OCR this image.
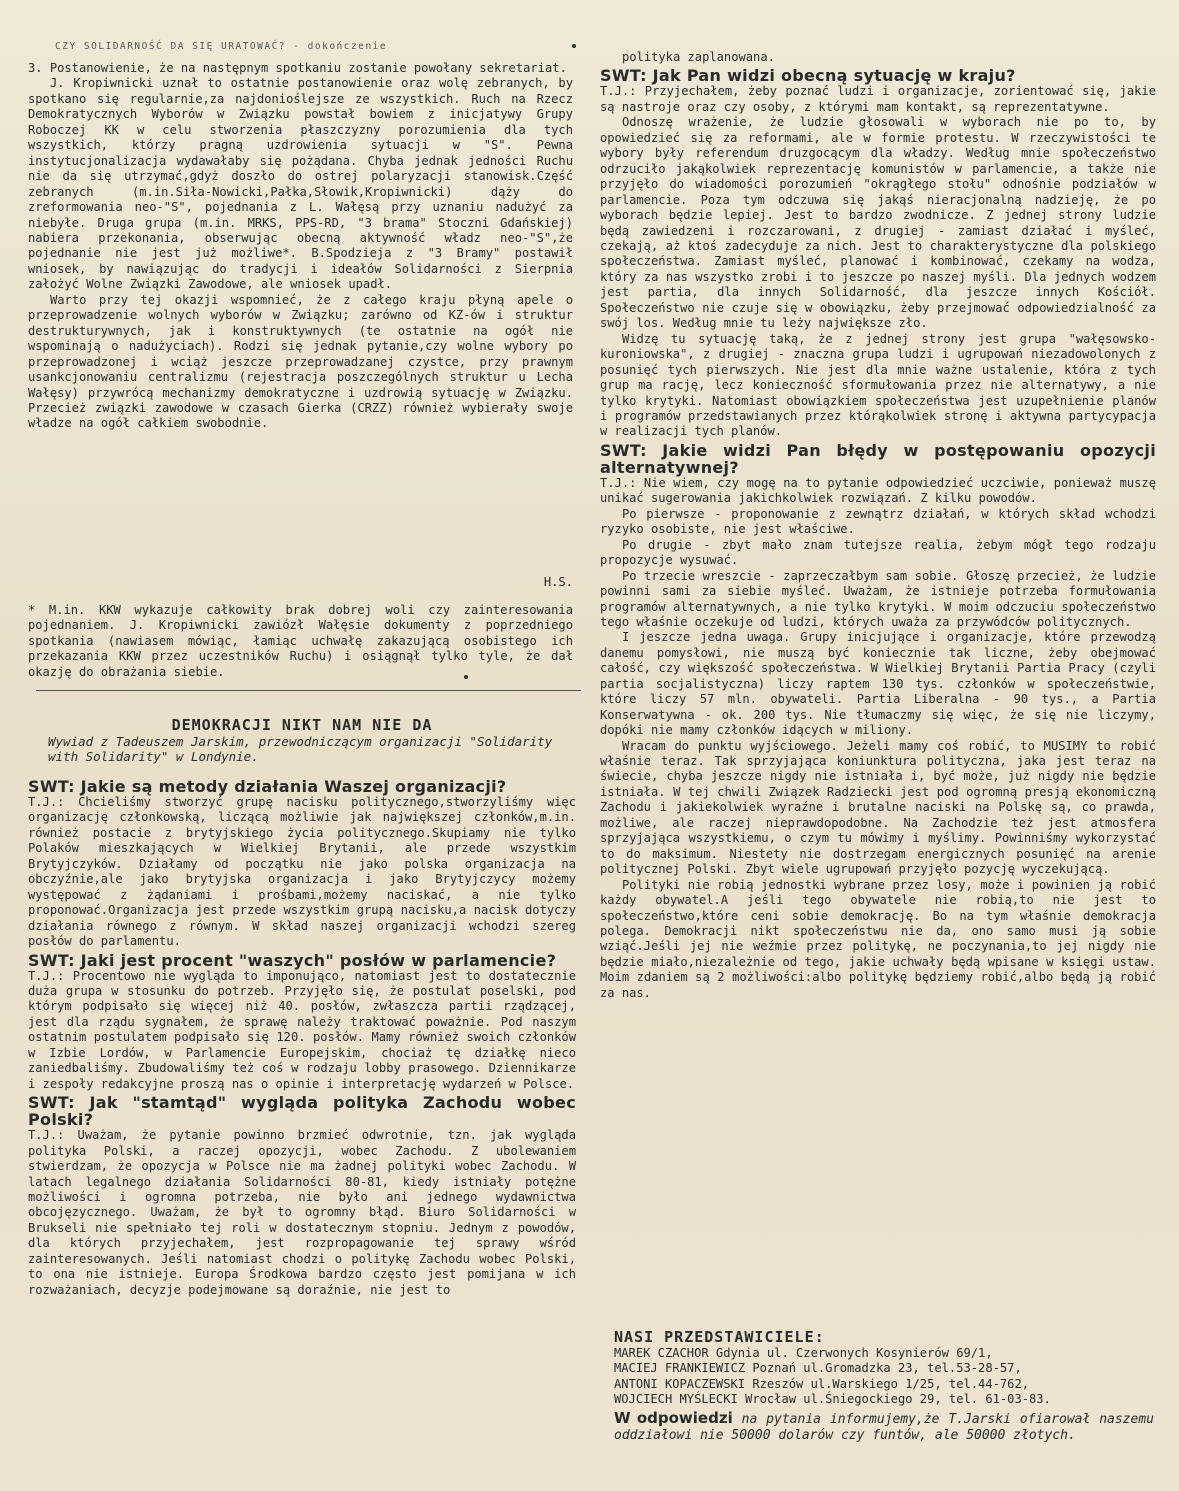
CZY SOLIDARNOŚĆ DA SIĘ URATOWAĆ? - dokończenie

3. Postanowienie, że na następnym spotkaniu zostanie powołany sekretariat.

J. Kropiwnicki uznał to ostatnie postanowienie oraz wolę zebranych, by spotkano się regularnie,za najdonioślejsze ze wszystkich. Ruch na Rzecz Demokratycznych Wyborów w Związku powstał bowiem z inicjatywy Grupy Roboczej KK w celu stworzenia płaszczyzny porozumienia dla tych wszystkich, którzy pragną uzdrowienia sytuacji w "S". Pewna instytucjonalizacja wydawałaby się pożądana. Chyba jednak jedności Ruchu nie da się utrzymać,gdyż doszło do ostrej polaryzacji stanowisk.Część zebranych (m.in.Siła-Nowicki,Pałka,Słowik,Kropiwnicki) dąży do zreformowania neo-"S", pojednania z L. Wałęsą przy uznaniu nadużyć za niebyłe. Druga grupa (m.in. MRKS, PPS-RD, "3 brama" Stoczni Gdańskiej) nabiera przekonania, obserwując obecną aktywność władz neo-"S",że pojednanie nie jest już możliwe*. B.Spodzieja z "3 Bramy" postawił wniosek, by nawiązując do tradycji i ideałów Solidarności z Sierpnia założyć Wolne Związki Zawodowe, ale wniosek upadł.

Warto przy tej okazji wspomnieć, że z całego kraju płyną apele o przeprowadzenie wolnych wyborów w Związku; zarówno od KZ-ów i struktur destrukturywnych, jak i konstruktywnych (te ostatnie na ogół nie wspominają o nadużyciach). Rodzi się jednak pytanie,czy wolne wybory po przeprowadzonej i wciąż jeszcze przeprowadzanej czystce, przy prawnym usankcjonowaniu centralizmu (rejestracja poszczególnych struktur u Lecha Wałęsy) przywrócą mechanizmy demokratyczne i uzdrowią sytuację w Związku. Przecież związki zawodowe w czasach Gierka (CRZZ) również wybierały swoje władze na ogół całkiem swobodnie.

H.S.

* M.in. KKW wykazuje całkowity brak dobrej woli czy zainteresowania pojednaniem. J. Kropiwnicki zawiózł Wałęsie dokumenty z poprzedniego spotkania (nawiasem mówiąc, łamiąc uchwałę zakazującą osobistego ich przekazania KKW przez uczestników Ruchu) i osiągnął tylko tyle, że dał okazję do obrażania siebie.

DEMOKRACJI NIKT NAM NIE DA

Wywiad z Tadeuszem Jarskim, przewodniczącym organizacji "Solidarity with Solidarity" w Londynie.

SWT: Jakie są metody działania Waszej organizacji?

T.J.: Chcieliśmy stworzyć grupę nacisku politycznego,stworzyliśmy więc organizację członkowską, liczącą możliwie jak największej członków,m.in. również postacie z brytyjskiego życia politycznego.Skupiamy nie tylko Polaków mieszkających w Wielkiej Brytanii, ale przede wszystkim Brytyjczyków. Działamy od początku nie jako polska organizacja na obczyźnie,ale jako brytyjska organizacja i jako Brytyjczycy możemy występować z żądaniami i prośbami,możemy naciskać, a nie tylko proponować.Organizacja jest przede wszystkim grupą nacisku,a nacisk dotyczy działania równego z równym. W skład naszej organizacji wchodzi szereg posłów do parlamentu.

SWT: Jaki jest procent "waszych" posłów w parlamencie?

T.J.: Procentowo nie wygląda to imponująco, natomiast jest to dostatecznie duża grupa w stosunku do potrzeb. Przyjęło się, że postulat poselski, pod którym podpisało się więcej niż 40. posłów, zwłaszcza partii rządzącej, jest dla rządu sygnałem, że sprawę należy traktować poważnie. Pod naszym ostatnim postulatem podpisało się 120. posłów. Mamy również swoich członków w Izbie Lordów, w Parlamencie Europejskim, chociaż tę działkę nieco zaniedbaliśmy. Zbudowaliśmy też coś w rodzaju lobby prasowego. Dziennikarze i zespoły redakcyjne proszą nas o opinie i interpretację wydarzeń w Polsce.

SWT: Jak "stamtąd" wygląda polityka Zachodu wobec Polski?

T.J.: Uważam, że pytanie powinno brzmieć odwrotnie, tzn. jak wygląda polityka Polski, a raczej opozycji, wobec Zachodu. Z ubolewaniem stwierdzam, że opozycja w Polsce nie ma żadnej polityki wobec Zachodu. W latach legalnego działania Solidarności 80-81, kiedy istniały potężne możliwości i ogromna potrzeba, nie było ani jednego wydawnictwa obcojęzycznego. Uważam, że był to ogromny błąd. Biuro Solidarności w Brukseli nie spełniało tej roli w dostatecznym stopniu. Jednym z powodów, dla których przyjechałem, jest rozpropagowanie tej sprawy wśród zainteresowanych. Jeśli natomiast chodzi o politykę Zachodu wobec Polski, to ona nie istnieje. Europa Środkowa bardzo często jest pomijana w ich rozważaniach, decyzje podejmowane są doraźnie, nie jest to

polityka zaplanowana.

SWT: Jak Pan widzi obecną sytuację w kraju?

T.J.: Przyjechałem, żeby poznać ludzi i organizacje, zorientować się, jakie są nastroje oraz czy osoby, z którymi mam kontakt, są reprezentatywne.

Odnoszę wrażenie, że ludzie głosowali w wyborach nie po to, by opowiedzieć się za reformami, ale w formie protestu. W rzeczywistości te wybory były referendum druzgocącym dla władzy. Według mnie społeczeństwo odrzuciło jakąkolwiek reprezentację komunistów w parlamencie, a także nie przyjęło do wiadomości porozumień "okrągłego stołu" odnośnie podziałów w parlamencie. Poza tym odczuwa się jakąś nieracjonalną nadzieję, że po wyborach będzie lepiej. Jest to bardzo zwodnicze. Z jednej strony ludzie będą zawiedzeni i rozczarowani, z drugiej - zamiast działać i myśleć, czekają, aż ktoś zadecyduje za nich. Jest to charakterystyczne dla polskiego społeczeństwa. Zamiast myśleć, planować i kombinować, czekamy na wodza, który za nas wszystko zrobi i to jeszcze po naszej myśli. Dla jednych wodzem jest partia, dla innych Solidarność, dla jeszcze innych Kościół. Społeczeństwo nie czuje się w obowiązku, żeby przejmować odpowiedzialność za swój los. Według mnie tu leży największe zło.

Widzę tu sytuację taką, że z jednej strony jest grupa "wałęsowsko-kuroniowska", z drugiej - znaczna grupa ludzi i ugrupowań niezadowolonych z posunięć tych pierwszych. Nie jest dla mnie ważne ustalenie, która z tych grup ma rację, lecz konieczność sformułowania przez nie alternatywy, a nie tylko krytyki. Natomiast obowiązkiem społeczeństwa jest uzupełnienie planów i programów przedstawianych przez którąkolwiek stronę i aktywna partycypacja w realizacji tych planów.

SWT: Jakie widzi Pan błędy w postępowaniu opozycji alternatywnej?

T.J.: Nie wiem, czy mogę na to pytanie odpowiedzieć uczciwie, ponieważ muszę unikać sugerowania jakichkolwiek rozwiązań. Z kilku powodów.

Po pierwsze - proponowanie z zewnątrz działań, w których skład wchodzi ryzyko osobiste, nie jest właściwe.

Po drugie - zbyt mało znam tutejsze realia, żebym mógł tego rodzaju propozycje wysuwać.

Po trzecie wreszcie - zaprzeczałbym sam sobie. Głoszę przecież, że ludzie powinni sami za siebie myśleć. Uważam, że istnieje potrzeba formułowania programów alternatywnych, a nie tylko krytyki. W moim odczuciu społeczeństwo tego właśnie oczekuje od ludzi, których uważa za przywódców politycznych.

I jeszcze jedna uwaga. Grupy inicjujące i organizacje, które przewodzą danemu pomysłowi, nie muszą być koniecznie tak liczne, żeby obejmować całość, czy większość społeczeństwa. W Wielkiej Brytanii Partia Pracy (czyli partia socjalistyczna) liczy raptem 130 tys. członków w społeczeństwie, które liczy 57 mln. obywateli. Partia Liberalna - 90 tys., a Partia Konserwatywna - ok. 200 tys. Nie tłumaczmy się więc, że się nie liczymy, dopóki nie mamy członków idących w miliony.

Wracam do punktu wyjściowego. Jeżeli mamy coś robić, to MUSIMY to robić właśnie teraz. Tak sprzyjająca koniunktura polityczna, jaka jest teraz na świecie, chyba jeszcze nigdy nie istniała i, być może, już nigdy nie będzie istniała. W tej chwili Związek Radziecki jest pod ogromną presją ekonomiczną Zachodu i jakiekolwiek wyraźne i brutalne naciski na Polskę są, co prawda, możliwe, ale raczej nieprawdopodobne. Na Zachodzie też jest atmosfera sprzyjająca wszystkiemu, o czym tu mówimy i myślimy. Powinniśmy wykorzystać to do maksimum. Niestety nie dostrzegam energicznych posunięć na arenie politycznej Polski. Zbyt wiele ugrupowań przyjęło pozycję wyczekującą.

Polityki nie robią jednostki wybrane przez losy, może i powinien ją robić każdy obywatel.A jeśli tego obywatele nie robią,to nie jest to społeczeństwo,które ceni sobie demokrację. Bo na tym właśnie demokracja polega. Demokracji nikt społeczeństwu nie da, ono samo musi ją sobie wziąć.Jeśli jej nie weźmie przez politykę, ne poczynania,to jej nigdy nie będzie miało,niezależnie od tego, jakie uchwały będą wpisane w księgi ustaw. Moim zdaniem są 2 możliwości:albo politykę będziemy robić,albo będą ją robić za nas.

NASI PRZEDSTAWICIELE:

MAREK CZACHOR Gdynia ul. Czerwonych Kosynierów 69/1,

MACIEJ FRANKIEWICZ Poznań ul.Gromadzka 23, tel.53-28-57,

ANTONI KOPACZEWSKI Rzeszów ul.Warskiego 1/25, tel.44-762,

WOJCIECH MYŚLECKI Wrocław ul.Śniegockiego 29, tel. 61-03-83.

W odpowiedzi na pytania informujemy,że T.Jarski ofiarował naszemu oddziałowi nie 50000 dolarów czy funtów, ale 50000 złotych.
